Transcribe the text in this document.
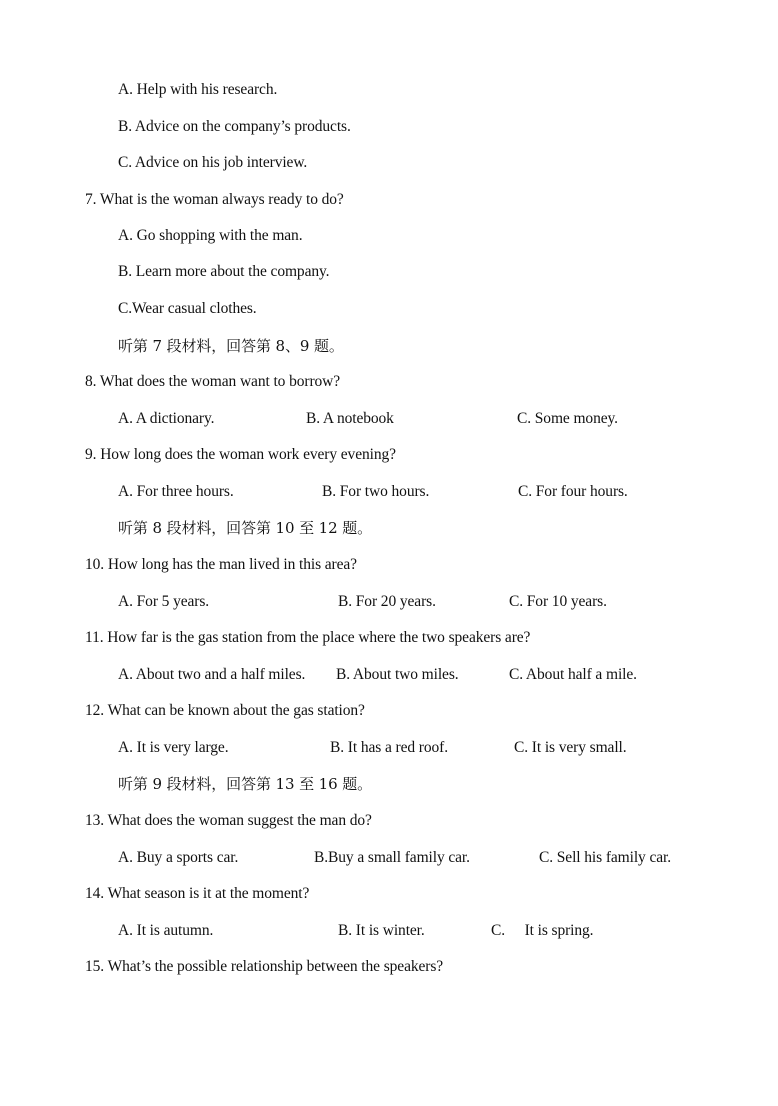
A. Help with his research.
B. Advice on the company’s products.
C. Advice on his job interview.
7. What is the woman always ready to do?
A. Go shopping with the man.
B. Learn more about the company.
C.Wear casual clothes.
听第 7 段材料，回答第 8、9 题。
8. What does the woman want to borrow?
A. A dictionary.	B. A notebook	C. Some money.
9. How long does the woman work every evening?
A. For three hours.	B. For two hours.	C. For four hours.
听第 8 段材料，回答第 10 至 12 题。
10. How long has the man lived in this area?
A. For 5 years.	B. For 20 years.	C. For 10 years.
11. How far is the gas station from the place where the two speakers are?
A. About two and a half miles. B. About two miles.	C. About half a mile.
12. What can be known about the gas station?
A. It is very large.	B. It has a red roof.	C. It is very small.
听第 9 段材料，回答第 13 至 16 题。
13. What does the woman suggest the man do?
A. Buy a sports car.	B.Buy a small family car.	C. Sell his family car.
14. What season is it at the moment?
A. It is autumn.	B. It is winter.	C. It is spring.
15. What’s the possible relationship between the speakers?
